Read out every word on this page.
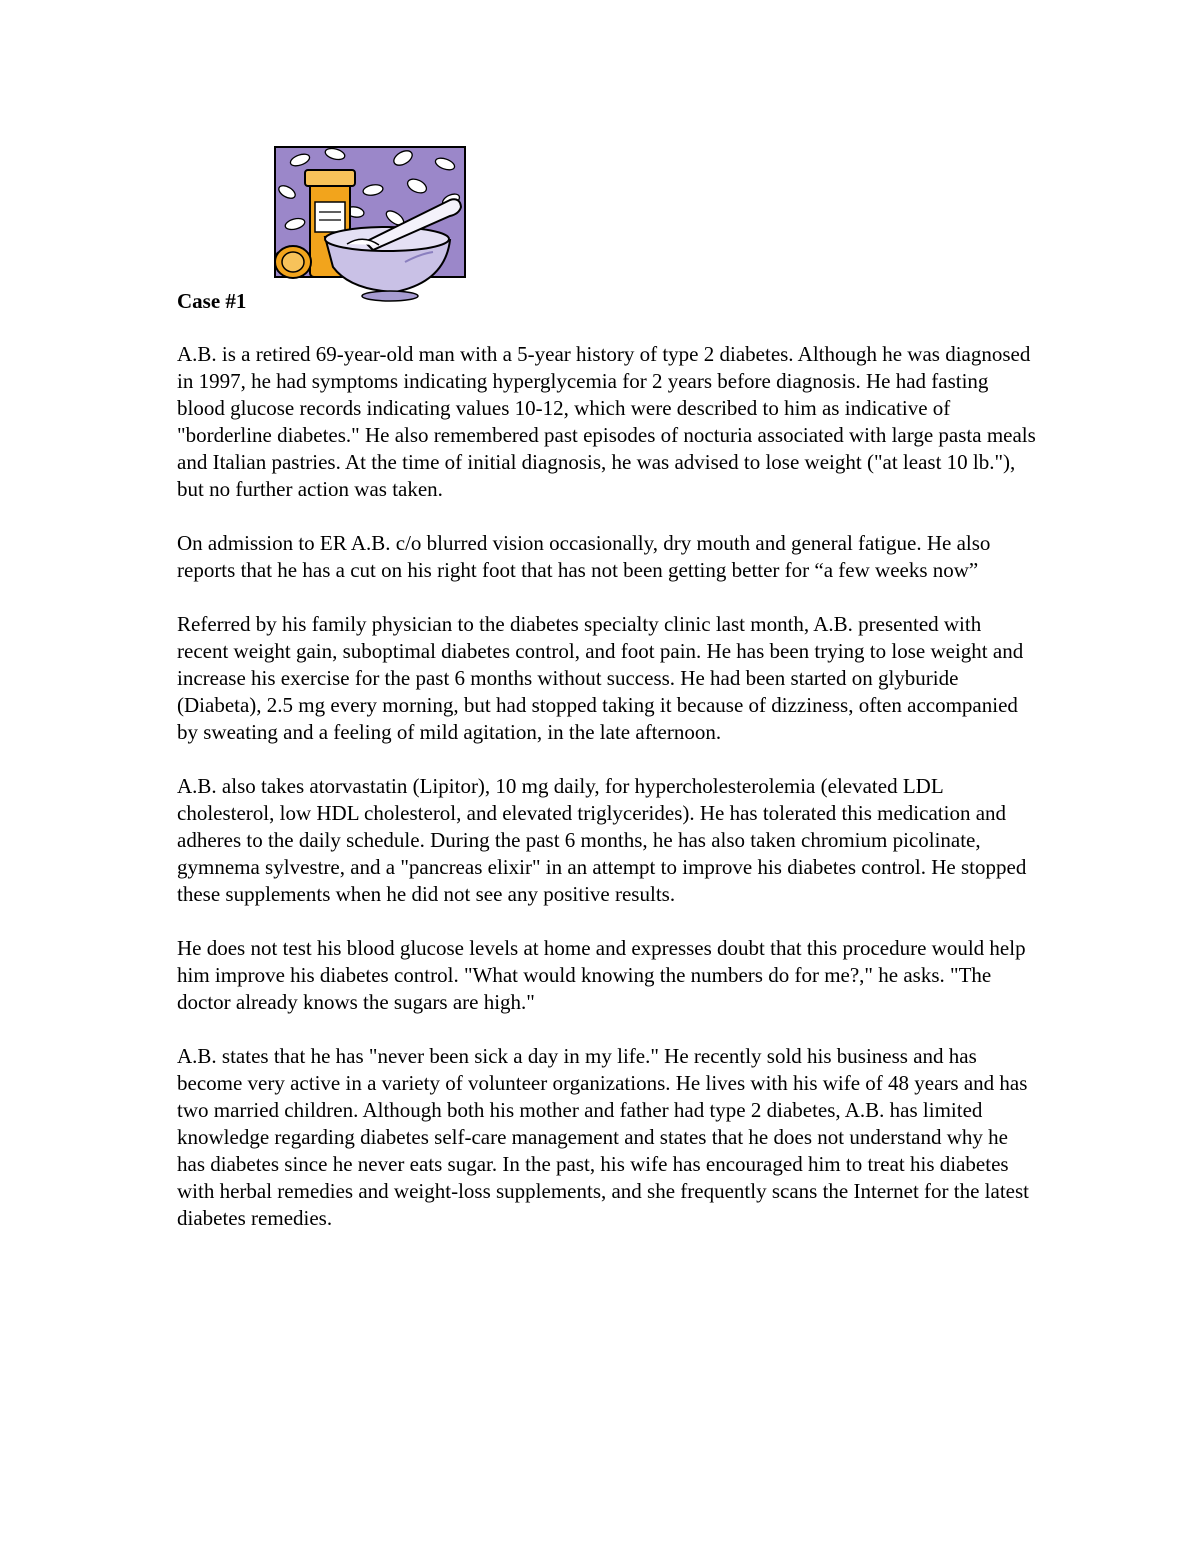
Case #1

A.B. is a retired 69-year-old man with a 5-year history of type 2 diabetes. Although he was diagnosed in 1997, he had symptoms indicating hyperglycemia for 2 years before diagnosis. He had fasting blood glucose records indicating values 10-12, which were described to him as indicative of "borderline diabetes." He also remembered past episodes of nocturia associated with large pasta meals and Italian pastries. At the time of initial diagnosis, he was advised to lose weight ("at least 10 lb."), but no further action was taken.

On admission to ER A.B. c/o blurred vision occasionally, dry mouth and general fatigue. He also reports that he has a cut on his right foot that has not been getting better for “a few weeks now”

Referred by his family physician to the diabetes specialty clinic last month, A.B. presented with recent weight gain, suboptimal diabetes control, and foot pain. He has been trying to lose weight and increase his exercise for the past 6 months without success. He had been started on glyburide (Diabeta), 2.5 mg every morning, but had stopped taking it because of dizziness, often accompanied by sweating and a feeling of mild agitation, in the late afternoon.

A.B. also takes atorvastatin (Lipitor), 10 mg daily, for hypercholesterolemia (elevated LDL cholesterol, low HDL cholesterol, and elevated triglycerides). He has tolerated this medication and adheres to the daily schedule. During the past 6 months, he has also taken chromium picolinate, gymnema sylvestre, and a "pancreas elixir" in an attempt to improve his diabetes control. He stopped these supplements when he did not see any positive results.

He does not test his blood glucose levels at home and expresses doubt that this procedure would help him improve his diabetes control. "What would knowing the numbers do for me?," he asks. "The doctor already knows the sugars are high."

A.B. states that he has "never been sick a day in my life." He recently sold his business and has become very active in a variety of volunteer organizations. He lives with his wife of 48 years and has two married children. Although both his mother and father had type 2 diabetes, A.B. has limited knowledge regarding diabetes self-care management and states that he does not understand why he has diabetes since he never eats sugar. In the past, his wife has encouraged him to treat his diabetes with herbal remedies and weight-loss supplements, and she frequently scans the Internet for the latest diabetes remedies.
